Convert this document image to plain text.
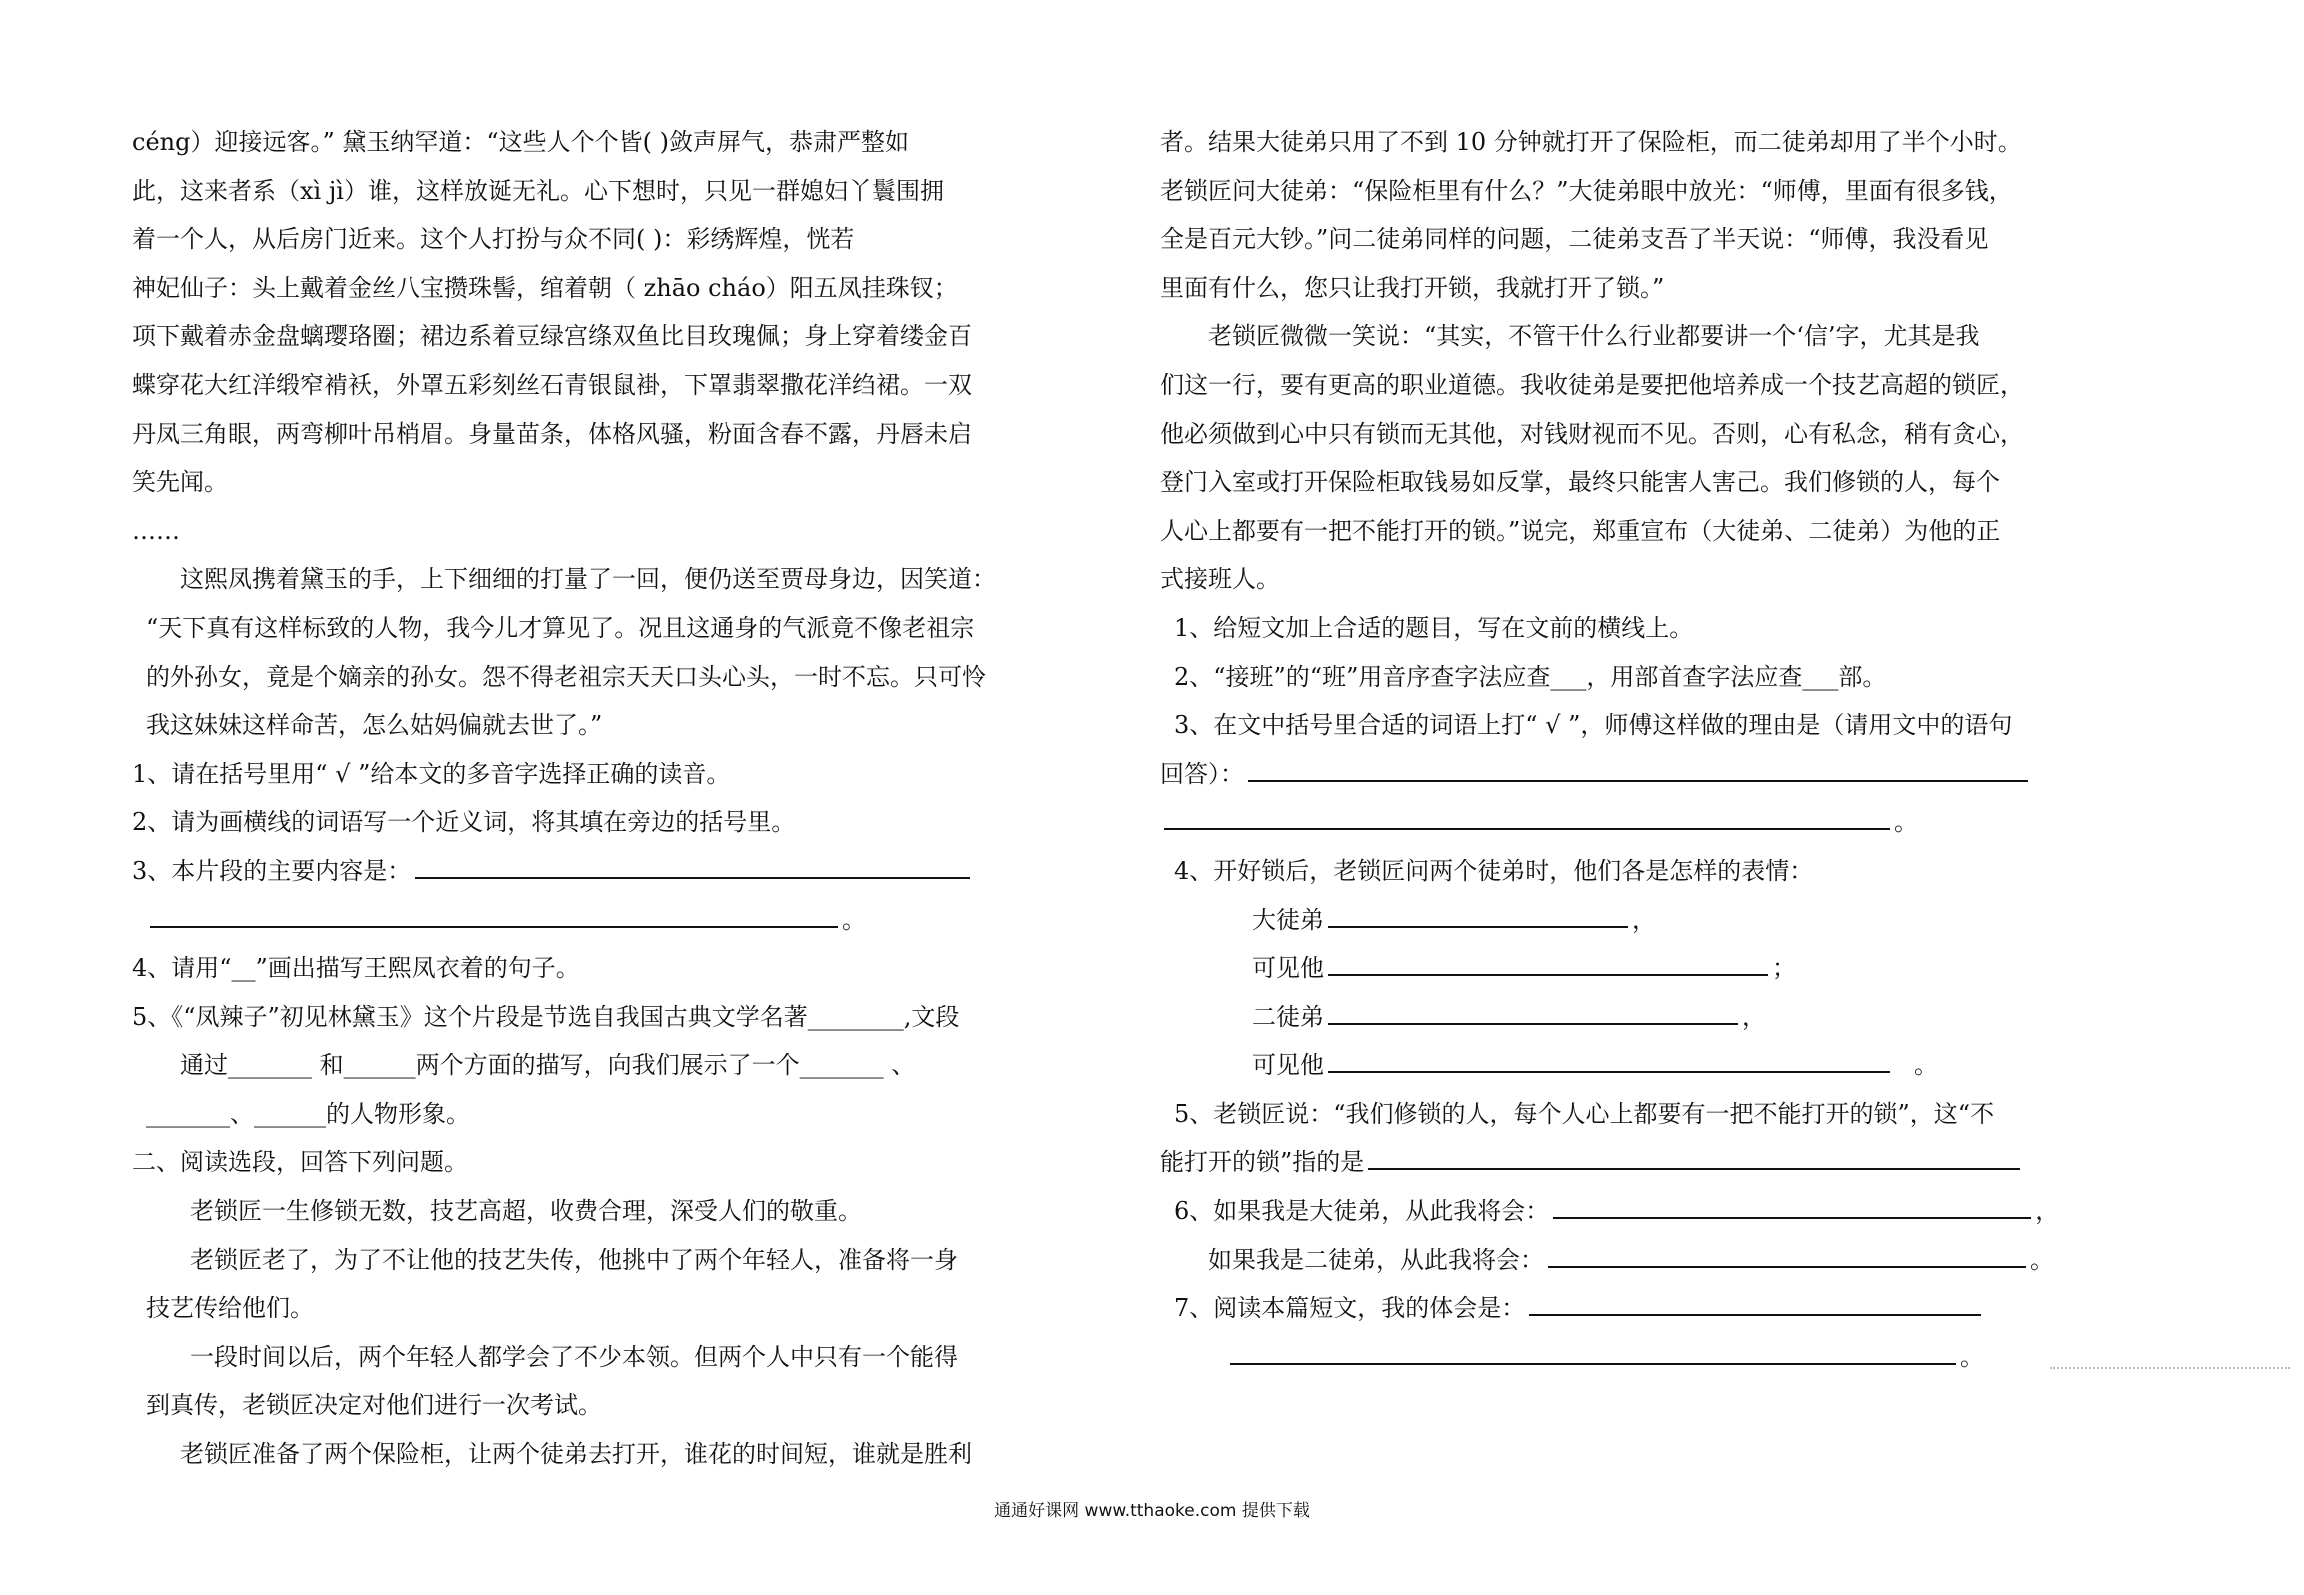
céng）迎接远客。” 黛玉纳罕道：“这些人个个皆( )敛声屏气，恭肃严整如
此，这来者系（xì jì）谁，这样放诞无礼。心下想时，只见一群媳妇丫鬟围拥
着一个人，从后房门近来。这个人打扮与众不同( )：彩绣辉煌，恍若
神妃仙子：头上戴着金丝八宝攒珠髻，绾着朝（ zhāo cháo）阳五凤挂珠钗；
项下戴着赤金盘螭璎珞圈；裙边系着豆绿宫绦双鱼比目玫瑰佩；身上穿着缕金百
蝶穿花大红洋缎窄褃袄，外罩五彩刻丝石青银鼠褂，下罩翡翠撒花洋绉裙。一双
丹凤三角眼，两弯柳叶吊梢眉。身量苗条，体格风骚，粉面含春不露，丹唇未启
笑先闻。
……
这熙凤携着黛玉的手，上下细细的打量了一回，便仍送至贾母身边，因笑道：
“天下真有这样标致的人物，我今儿才算见了。况且这通身的气派竟不像老祖宗
的外孙女，竟是个嫡亲的孙女。怨不得老祖宗天天口头心头，一时不忘。只可怜
我这妹妹这样命苦，怎么姑妈偏就去世了。”
1、请在括号里用“ √ ”给本文的多音字选择正确的读音。
2、请为画横线的词语写一个近义词，将其填在旁边的括号里。
3、本片段的主要内容是：
。
4、请用“__”画出描写王熙凤衣着的句子。
5、《“凤辣子”初见林黛玉》这个片段是节选自我国古典文学名著________,文段
通过_______ 和______两个方面的描写，向我们展示了一个_______ 、
_______、______的人物形象。
二、阅读选段，回答下列问题。
老锁匠一生修锁无数，技艺高超，收费合理，深受人们的敬重。
老锁匠老了，为了不让他的技艺失传，他挑中了两个年轻人，准备将一身
技艺传给他们。
一段时间以后，两个年轻人都学会了不少本领。但两个人中只有一个能得
到真传，老锁匠决定对他们进行一次考试。
老锁匠准备了两个保险柜，让两个徒弟去打开，谁花的时间短，谁就是胜利
者。结果大徒弟只用了不到 10 分钟就打开了保险柜，而二徒弟却用了半个小时。
老锁匠问大徒弟：“保险柜里有什么？”大徒弟眼中放光：“师傅，里面有很多钱，
全是百元大钞。”问二徒弟同样的问题，二徒弟支吾了半天说：“师傅，我没看见
里面有什么，您只让我打开锁，我就打开了锁。”
老锁匠微微一笑说：“其实，不管干什么行业都要讲一个‘信’字，尤其是我
们这一行，要有更高的职业道德。我收徒弟是要把他培养成一个技艺高超的锁匠，
他必须做到心中只有锁而无其他，对钱财视而不见。否则，心有私念，稍有贪心，
登门入室或打开保险柜取钱易如反掌，最终只能害人害己。我们修锁的人，每个
人心上都要有一把不能打开的锁。”说完，郑重宣布（大徒弟、二徒弟）为他的正
式接班人。
1、给短文加上合适的题目，写在文前的横线上。
2、“接班”的“班”用音序查字法应查___，用部首查字法应查___部。
3、在文中括号里合适的词语上打“ √ ”，师傅这样做的理由是（请用文中的语句
回答）：
。
4、开好锁后，老锁匠问两个徒弟时，他们各是怎样的表情：
大徒弟	，
可见他	；
二徒弟	，
可见他	。
5、老锁匠说：“我们修锁的人，每个人心上都要有一把不能打开的锁”，这“不
能打开的锁”指的是
6、如果我是大徒弟，从此我将会：	，
如果我是二徒弟，从此我将会：	。
7、阅读本篇短文，我的体会是：
。
通通好课网 www.tthaoke.com 提供下载
